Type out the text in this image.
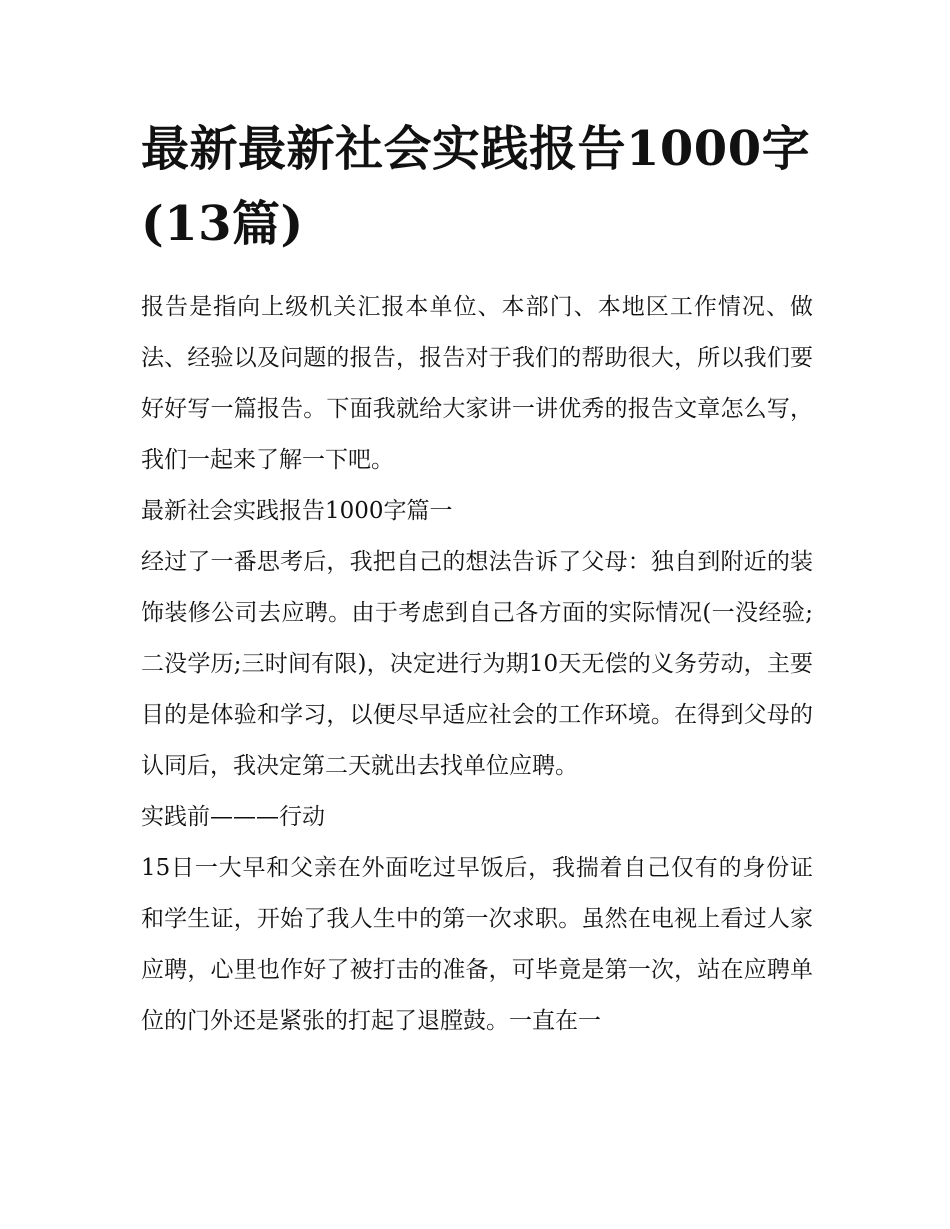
最新最新社会实践报告1000字(13篇)

报告是指向上级机关汇报本单位、本部门、本地区工作情况、做法、经验以及问题的报告，报告对于我们的帮助很大，所以我们要好好写一篇报告。下面我就给大家讲一讲优秀的报告文章怎么写，我们一起来了解一下吧。

最新社会实践报告1000字篇一

经过了一番思考后，我把自己的想法告诉了父母：独自到附近的装饰装修公司去应聘。由于考虑到自己各方面的实际情况(一没经验;二没学历;三时间有限)，决定进行为期10天无偿的义务劳动，主要目的是体验和学习，以便尽早适应社会的工作环境。在得到父母的认同后，我决定第二天就出去找单位应聘。

实践前———行动

15日一大早和父亲在外面吃过早饭后，我揣着自己仅有的身份证和学生证，开始了我人生中的第一次求职。虽然在电视上看过人家应聘，心里也作好了被打击的准备，可毕竟是第一次，站在应聘单位的门外还是紧张的打起了退膛鼓。一直在一
